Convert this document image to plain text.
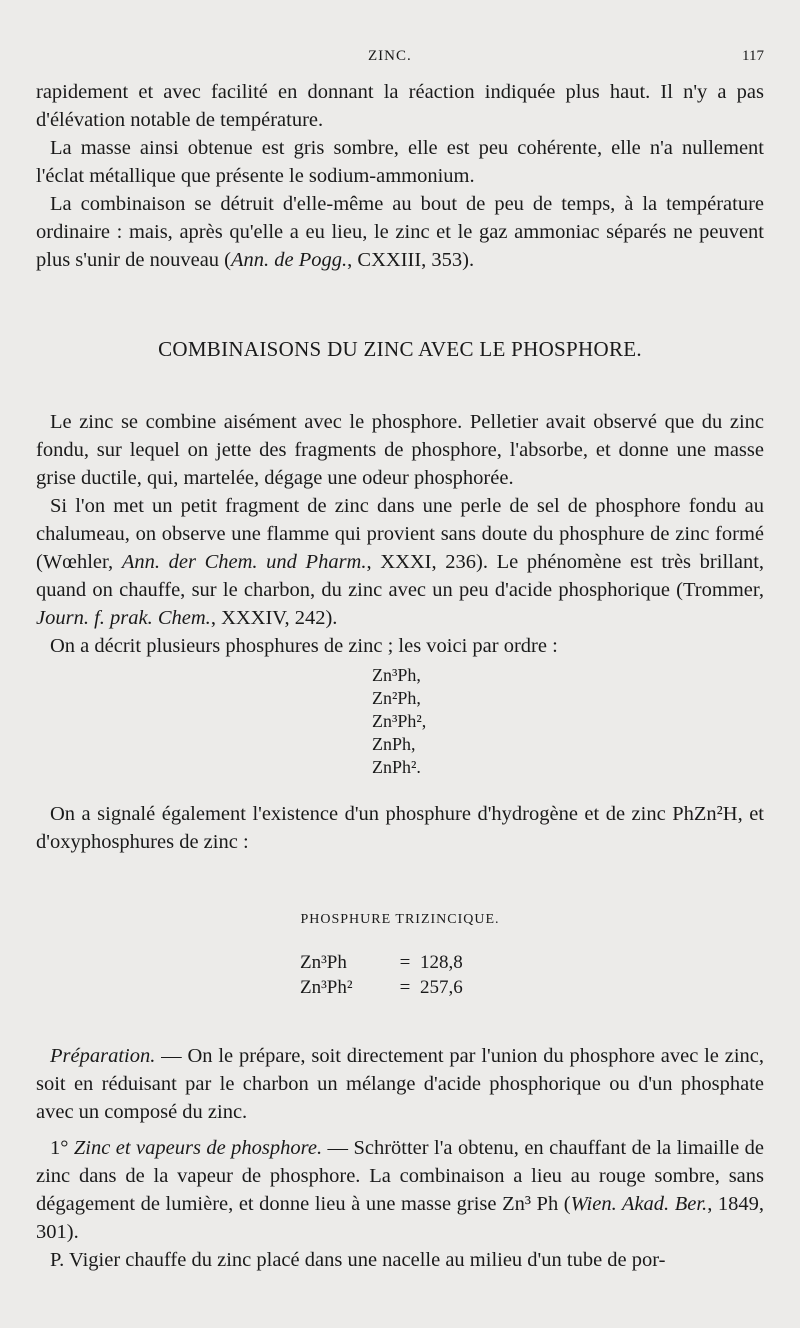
ZINC.	117

rapidement et avec facilité en donnant la réaction indiquée plus haut. Il n'y a pas d'élévation notable de température.

La masse ainsi obtenue est gris sombre, elle est peu cohérente, elle n'a nullement l'éclat métallique que présente le sodium-ammonium.

La combinaison se détruit d'elle-même au bout de peu de temps, à la température ordinaire : mais, après qu'elle a eu lieu, le zinc et le gaz ammoniac séparés ne peuvent plus s'unir de nouveau (Ann. de Pogg., CXXIII, 353).

COMBINAISONS DU ZINC AVEC LE PHOSPHORE.

Le zinc se combine aisément avec le phosphore. Pelletier avait observé que du zinc fondu, sur lequel on jette des fragments de phosphore, l'absorbe, et donne une masse grise ductile, qui, martelée, dégage une odeur phosphorée.

Si l'on met un petit fragment de zinc dans une perle de sel de phosphore fondu au chalumeau, on observe une flamme qui provient sans doute du phosphure de zinc formé (Wœhler, Ann. der Chem. und Pharm., XXXI, 236). Le phénomène est très brillant, quand on chauffe, sur le charbon, du zinc avec un peu d'acide phosphorique (Trommer, Journ. f. prak. Chem., XXXIV, 242).

On a décrit plusieurs phosphures de zinc ; les voici par ordre :

Zn³Ph,
Zn²Ph,
Zn³Ph²,
ZnPh,
ZnPh².

On a signalé également l'existence d'un phosphure d'hydrogène et de zinc PhZn²H, et d'oxyphosphures de zinc :

PHOSPHURE TRIZINCIQUE.
Zn³Ph	= 128,8
Zn³Ph²	= 257,6

Préparation. — On le prépare, soit directement par l'union du phosphore avec le zinc, soit en réduisant par le charbon un mélange d'acide phosphorique ou d'un phosphate avec un composé du zinc.

1° Zinc et vapeurs de phosphore. — Schrötter l'a obtenu, en chauffant de la limaille de zinc dans de la vapeur de phosphore. La combinaison a lieu au rouge sombre, sans dégagement de lumière, et donne lieu à une masse grise Zn³ Ph (Wien. Akad. Ber., 1849, 301).

P. Vigier chauffe du zinc placé dans une nacelle au milieu d'un tube de por-
